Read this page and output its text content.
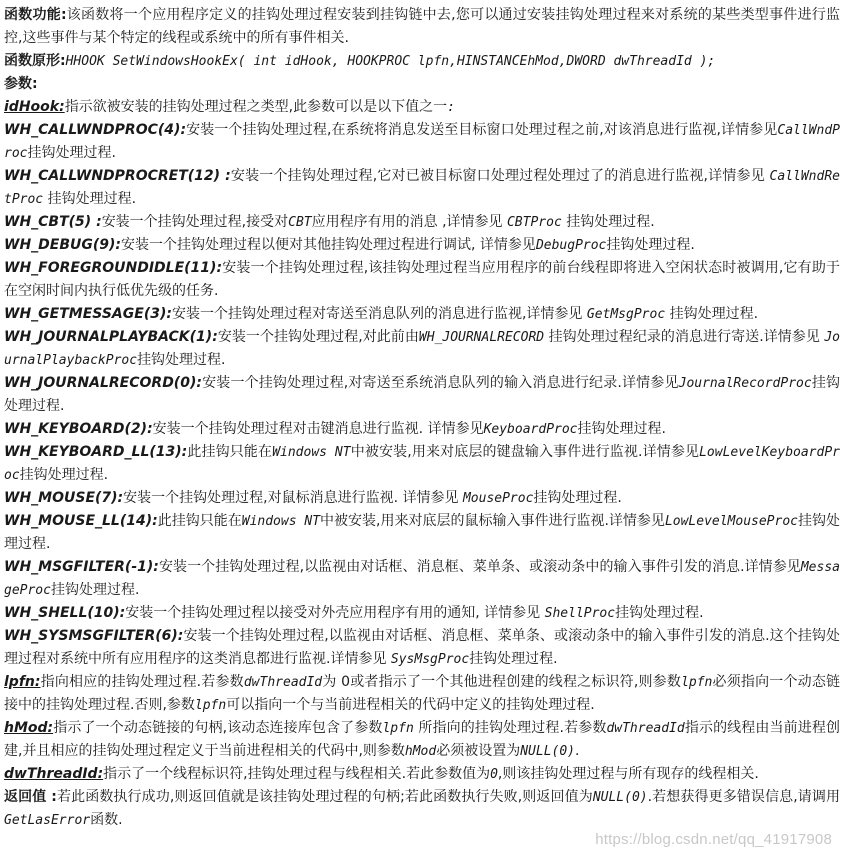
函数功能:该函数将一个应用程序定义的挂钩处理过程安装到挂钩链中去,您可以通过安装挂钩处理过程来对系统的某些类型事件进行监控,这些事件与某个特定的线程或系统中的所有事件相关.

函数原形:HHOOK SetWindowsHookEx( int idHook, HOOKPROC lpfn,HINSTANCEhMod,DWORD dwThreadId );

参数:

idHook:指示欲被安装的挂钩处理过程之类型,此参数可以是以下值之一:

WH_CALLWNDPROC(4):安装一个挂钩处理过程,在系统将消息发送至目标窗口处理过程之前,对该消息进行监视,详情参见CallWndProc挂钩处理过程.

WH_CALLWNDPROCRET(12) :安装一个挂钩处理过程,它对已被目标窗口处理过程处理过了的消息进行监视,详情参见 CallWndRetProc 挂钩处理过程.

WH_CBT(5) :安装一个挂钩处理过程,接受对CBT应用程序有用的消息 ,详情参见 CBTProc 挂钩处理过程.

WH_DEBUG(9):安装一个挂钩处理过程以便对其他挂钩处理过程进行调试, 详情参见DebugProc挂钩处理过程.

WH_FOREGROUNDIDLE(11):安装一个挂钩处理过程,该挂钩处理过程当应用程序的前台线程即将进入空闲状态时被调用,它有助于在空闲时间内执行低优先级的任务.

WH_GETMESSAGE(3):安装一个挂钩处理过程对寄送至消息队列的消息进行监视,详情参见 GetMsgProc 挂钩处理过程.

WH_JOURNALPLAYBACK(1):安装一个挂钩处理过程,对此前由WH_JOURNALRECORD 挂钩处理过程纪录的消息进行寄送.详情参见 JournalPlaybackProc挂钩处理过程.

WH_JOURNALRECORD(0):安装一个挂钩处理过程,对寄送至系统消息队列的输入消息进行纪录.详情参见JournalRecordProc挂钩处理过程.

WH_KEYBOARD(2):安装一个挂钩处理过程对击键消息进行监视. 详情参见KeyboardProc挂钩处理过程.

WH_KEYBOARD_LL(13):此挂钩只能在Windows NT中被安装,用来对底层的键盘输入事件进行监视.详情参见LowLevelKeyboardProc挂钩处理过程.

WH_MOUSE(7):安装一个挂钩处理过程,对鼠标消息进行监视. 详情参见 MouseProc挂钩处理过程.

WH_MOUSE_LL(14):此挂钩只能在Windows NT中被安装,用来对底层的鼠标输入事件进行监视.详情参见LowLevelMouseProc挂钩处理过程.

WH_MSGFILTER(-1):安装一个挂钩处理过程,以监视由对话框、消息框、菜单条、或滚动条中的输入事件引发的消息.详情参见MessageProc挂钩处理过程.

WH_SHELL(10):安装一个挂钩处理过程以接受对外壳应用程序有用的通知, 详情参见 ShellProc挂钩处理过程.

WH_SYSMSGFILTER(6):安装一个挂钩处理过程,以监视由对话框、消息框、菜单条、或滚动条中的输入事件引发的消息.这个挂钩处理过程对系统中所有应用程序的这类消息都进行监视.详情参见 SysMsgProc挂钩处理过程.

lpfn:指向相应的挂钩处理过程.若参数dwThreadId为 0或者指示了一个其他进程创建的线程之标识符,则参数lpfn必须指向一个动态链接中的挂钩处理过程.否则,参数lpfn可以指向一个与当前进程相关的代码中定义的挂钩处理过程.

hMod:指示了一个动态链接的句柄,该动态连接库包含了参数lpfn 所指向的挂钩处理过程.若参数dwThreadId指示的线程由当前进程创建,并且相应的挂钩处理过程定义于当前进程相关的代码中,则参数hMod必须被设置为NULL(0).

dwThreadId:指示了一个线程标识符,挂钩处理过程与线程相关.若此参数值为0,则该挂钩处理过程与所有现存的线程相关.

返回值 :若此函数执行成功,则返回值就是该挂钩处理过程的句柄;若此函数执行失败,则返回值为NULL(0).若想获得更多错误信息,请调用GetLasError函数.

https://blog.csdn.net/qq_41917908
